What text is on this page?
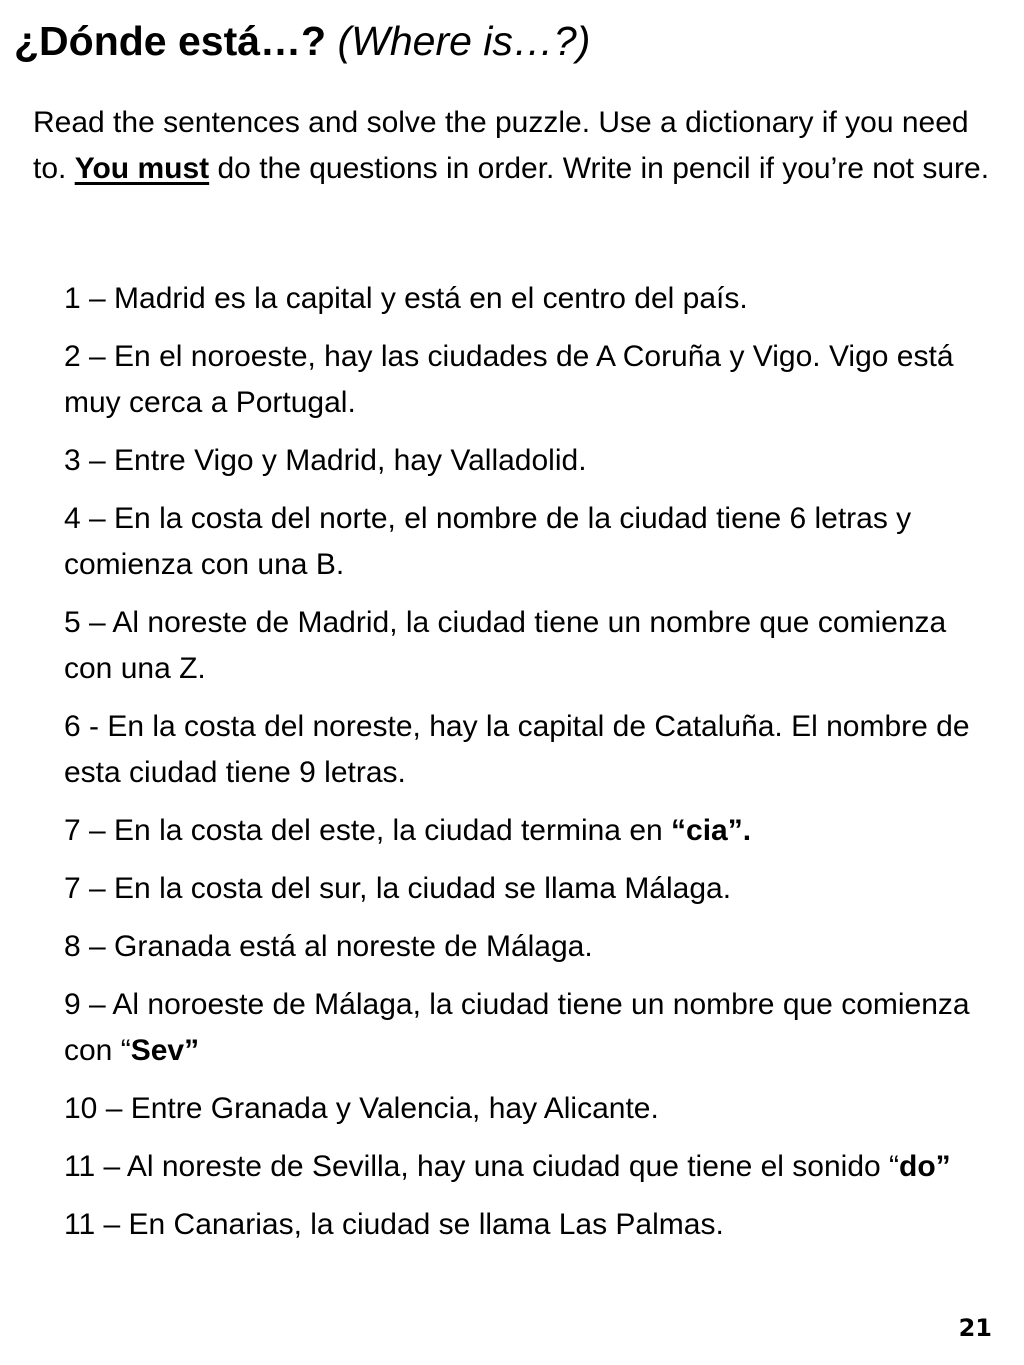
¿Dónde está…? (Where is…?)
Read the sentences and solve the puzzle. Use a dictionary if you need to. You must do the questions in order. Write in pencil if you’re not sure.
1 – Madrid es la capital y está en el centro del país.
2 – En el noroeste, hay las ciudades de A Coruña y Vigo. Vigo está muy cerca a Portugal.
3 – Entre Vigo y Madrid, hay Valladolid.
4 – En la costa del norte, el nombre de la ciudad tiene 6 letras y comienza con una B.
5 – Al noreste de Madrid, la ciudad tiene un nombre que comienza con una Z.
6 - En la costa del noreste, hay la capital de Cataluña. El nombre de esta ciudad tiene 9 letras.
7 – En la costa del este, la ciudad termina en “cia”.
7 – En la costa del sur, la ciudad se llama Málaga.
8 – Granada está al noreste de Málaga.
9 – Al noroeste de Málaga, la ciudad tiene un nombre que comienza con “Sev”
10 – Entre Granada y Valencia, hay Alicante.
11 – Al noreste de Sevilla, hay una ciudad que tiene el sonido “do”
11 – En Canarias, la ciudad se llama Las Palmas.
21
